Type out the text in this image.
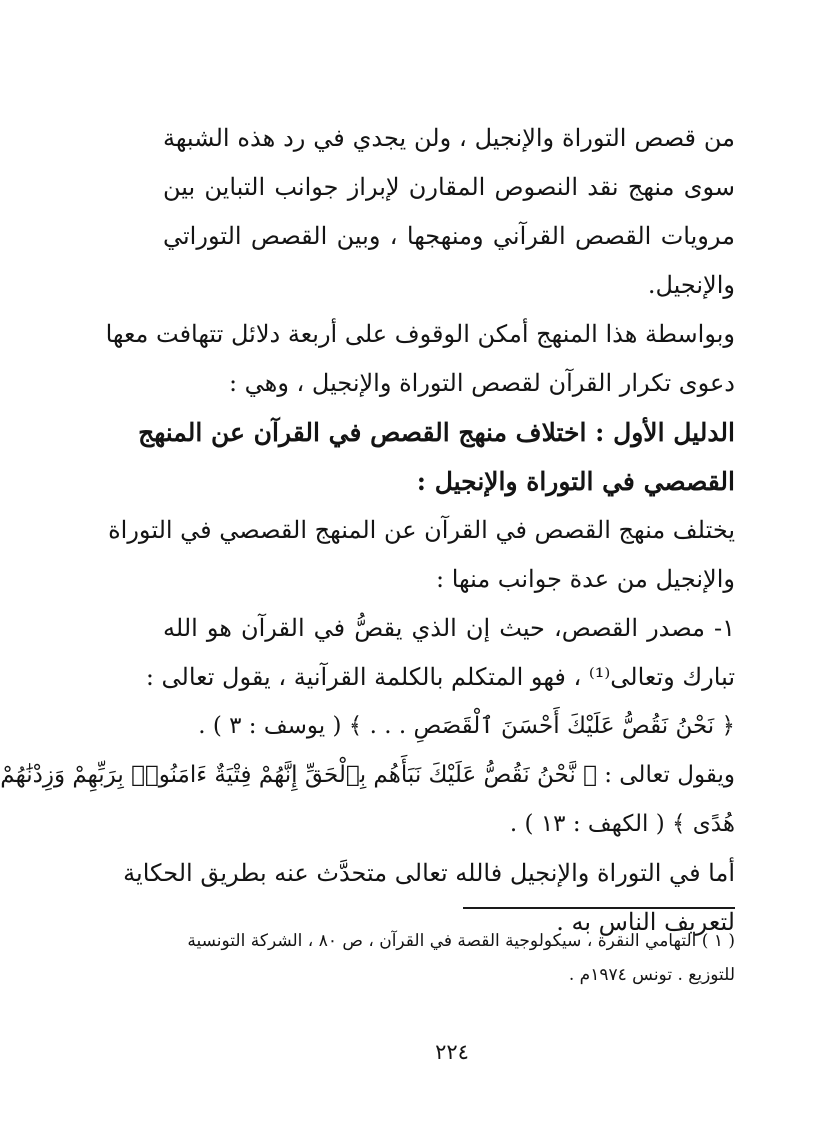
من قصص التوراة والإنجيل ، ولن يجدي في رد هذه الشبهة
سوى منهج نقد النصوص المقارن لإبراز جوانب التباين بين
مرويات القصص القرآني ومنهجها ، وبين القصص التوراتي
والإنجيل.
وبواسطة هذا المنهج أمكن الوقوف على أربعة دلائل تتهافت معها
دعوى تكرار القرآن لقصص التوراة والإنجيل ، وهي :
الدليل الأول : اختلاف منهج القصص في القرآن عن المنهج
القصصي في التوراة والإنجيل :
يختلف منهج القصص في القرآن عن المنهج القصصي في التوراة
والإنجيل من عدة جوانب منها :
١- مصدر القصص، حيث إن الذي يقصُّ في القرآن هو الله
تبارك وتعالى⁽¹⁾ ، فهو المتكلم بالكلمة القرآنية ، يقول تعالى :
﴿ نَحْنُ نَقُصُّ عَلَيْكَ أَحْسَنَ ٱلْقَصَصِ . . . ﴾ ( يوسف : ٣ ) .
ويقول تعالى : ﴿ نَّحْنُ نَقُصُّ عَلَيْكَ نَبَأَهُم بِٱلْحَقِّ إِنَّهُمْ فِتْيَةٌ ءَامَنُوا۟ بِرَبِّهِمْ وَزِدْنَٰهُمْ
هُدًى ﴾ ( الكهف : ١٣ ) .
أما في التوراة والإنجيل فالله تعالى متحدَّث عنه بطريق الحكاية
لتعريف الناس به .
( ١ ) التهامي النقرة ، سيكولوجية القصة في القرآن ، ص ٨٠ ، الشركة التونسية
للتوزيع . تونس ١٩٧٤م .
٢٢٤
